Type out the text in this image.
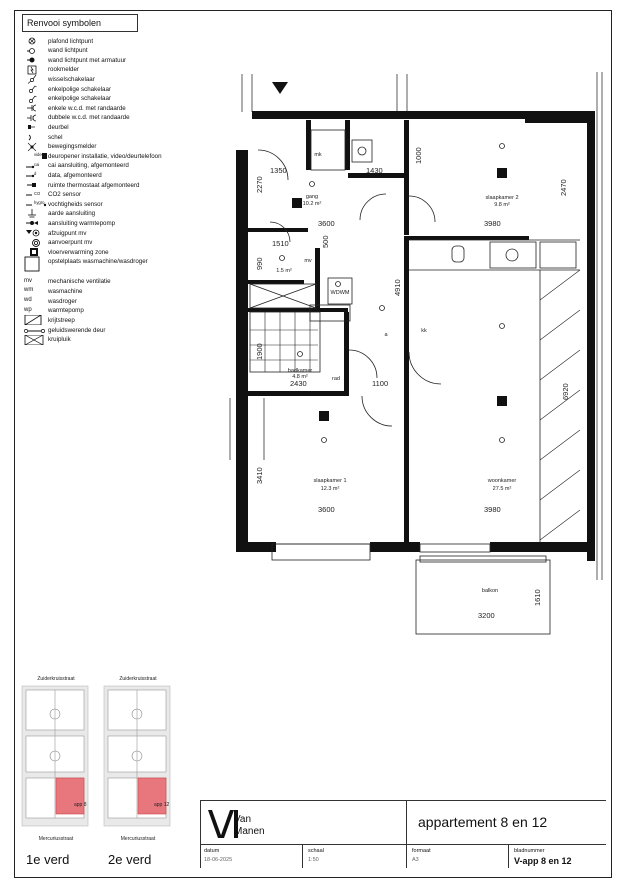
Renvooi symbolen
plafond lichtpunt
wand lichtpunt
wand lichtpunt met armatuur
rookmelder
wisselschakelaar
enkelpolige schakelaar
enkelpolige schakelaar
enkele w.c.d. met randaarde
dubbele w.c.d. met randaarde
deurbel
schel
bewegingsmelder
video deuropener installatie, video/deurtelefoon
cai cai aansluiting, afgemonteerd
d data, afgemonteerd
ruimte thermostaat afgemonteerd
CO CO2 sensor
hygro vochtigheids sensor
aarde aansluiting
aansluiting warmtepomp
afzuigpunt mv
aanvoerpunt mv
vloerverwarming zone
opstelplaats wasmachine/wasdroger
mv	mechanische ventilatie
wm wasmachine
wd	wasdroger
wp	warmtepomp
krijtstreep
geluidswerende deur
kruipluik
gang
10.2 m²
slaapkamer 2
9.8 m²
1.5 m²
badkamer
4.8 m²
slaapkamer 1
12.3 m²
woonkamer
27.5 m²
balkon
mk
mv
WDWM
rad
a
kk
1350	1430
2270
1000
3600	3980
2470
1510
990
500
4910
1900
2430	1100	6920
3410
3600	3980
1610
3200
Zuiderkruisstraat	Zuiderkruisstraat
Mercuriusstraat	Mercuriusstraat
app 8	app 12
1e verd	2e verd
Van
Manen
appartement 8 en 12
datum
18-06-2025
schaal
1:50
formaat
A3
bladnummer
V-app 8 en 12
